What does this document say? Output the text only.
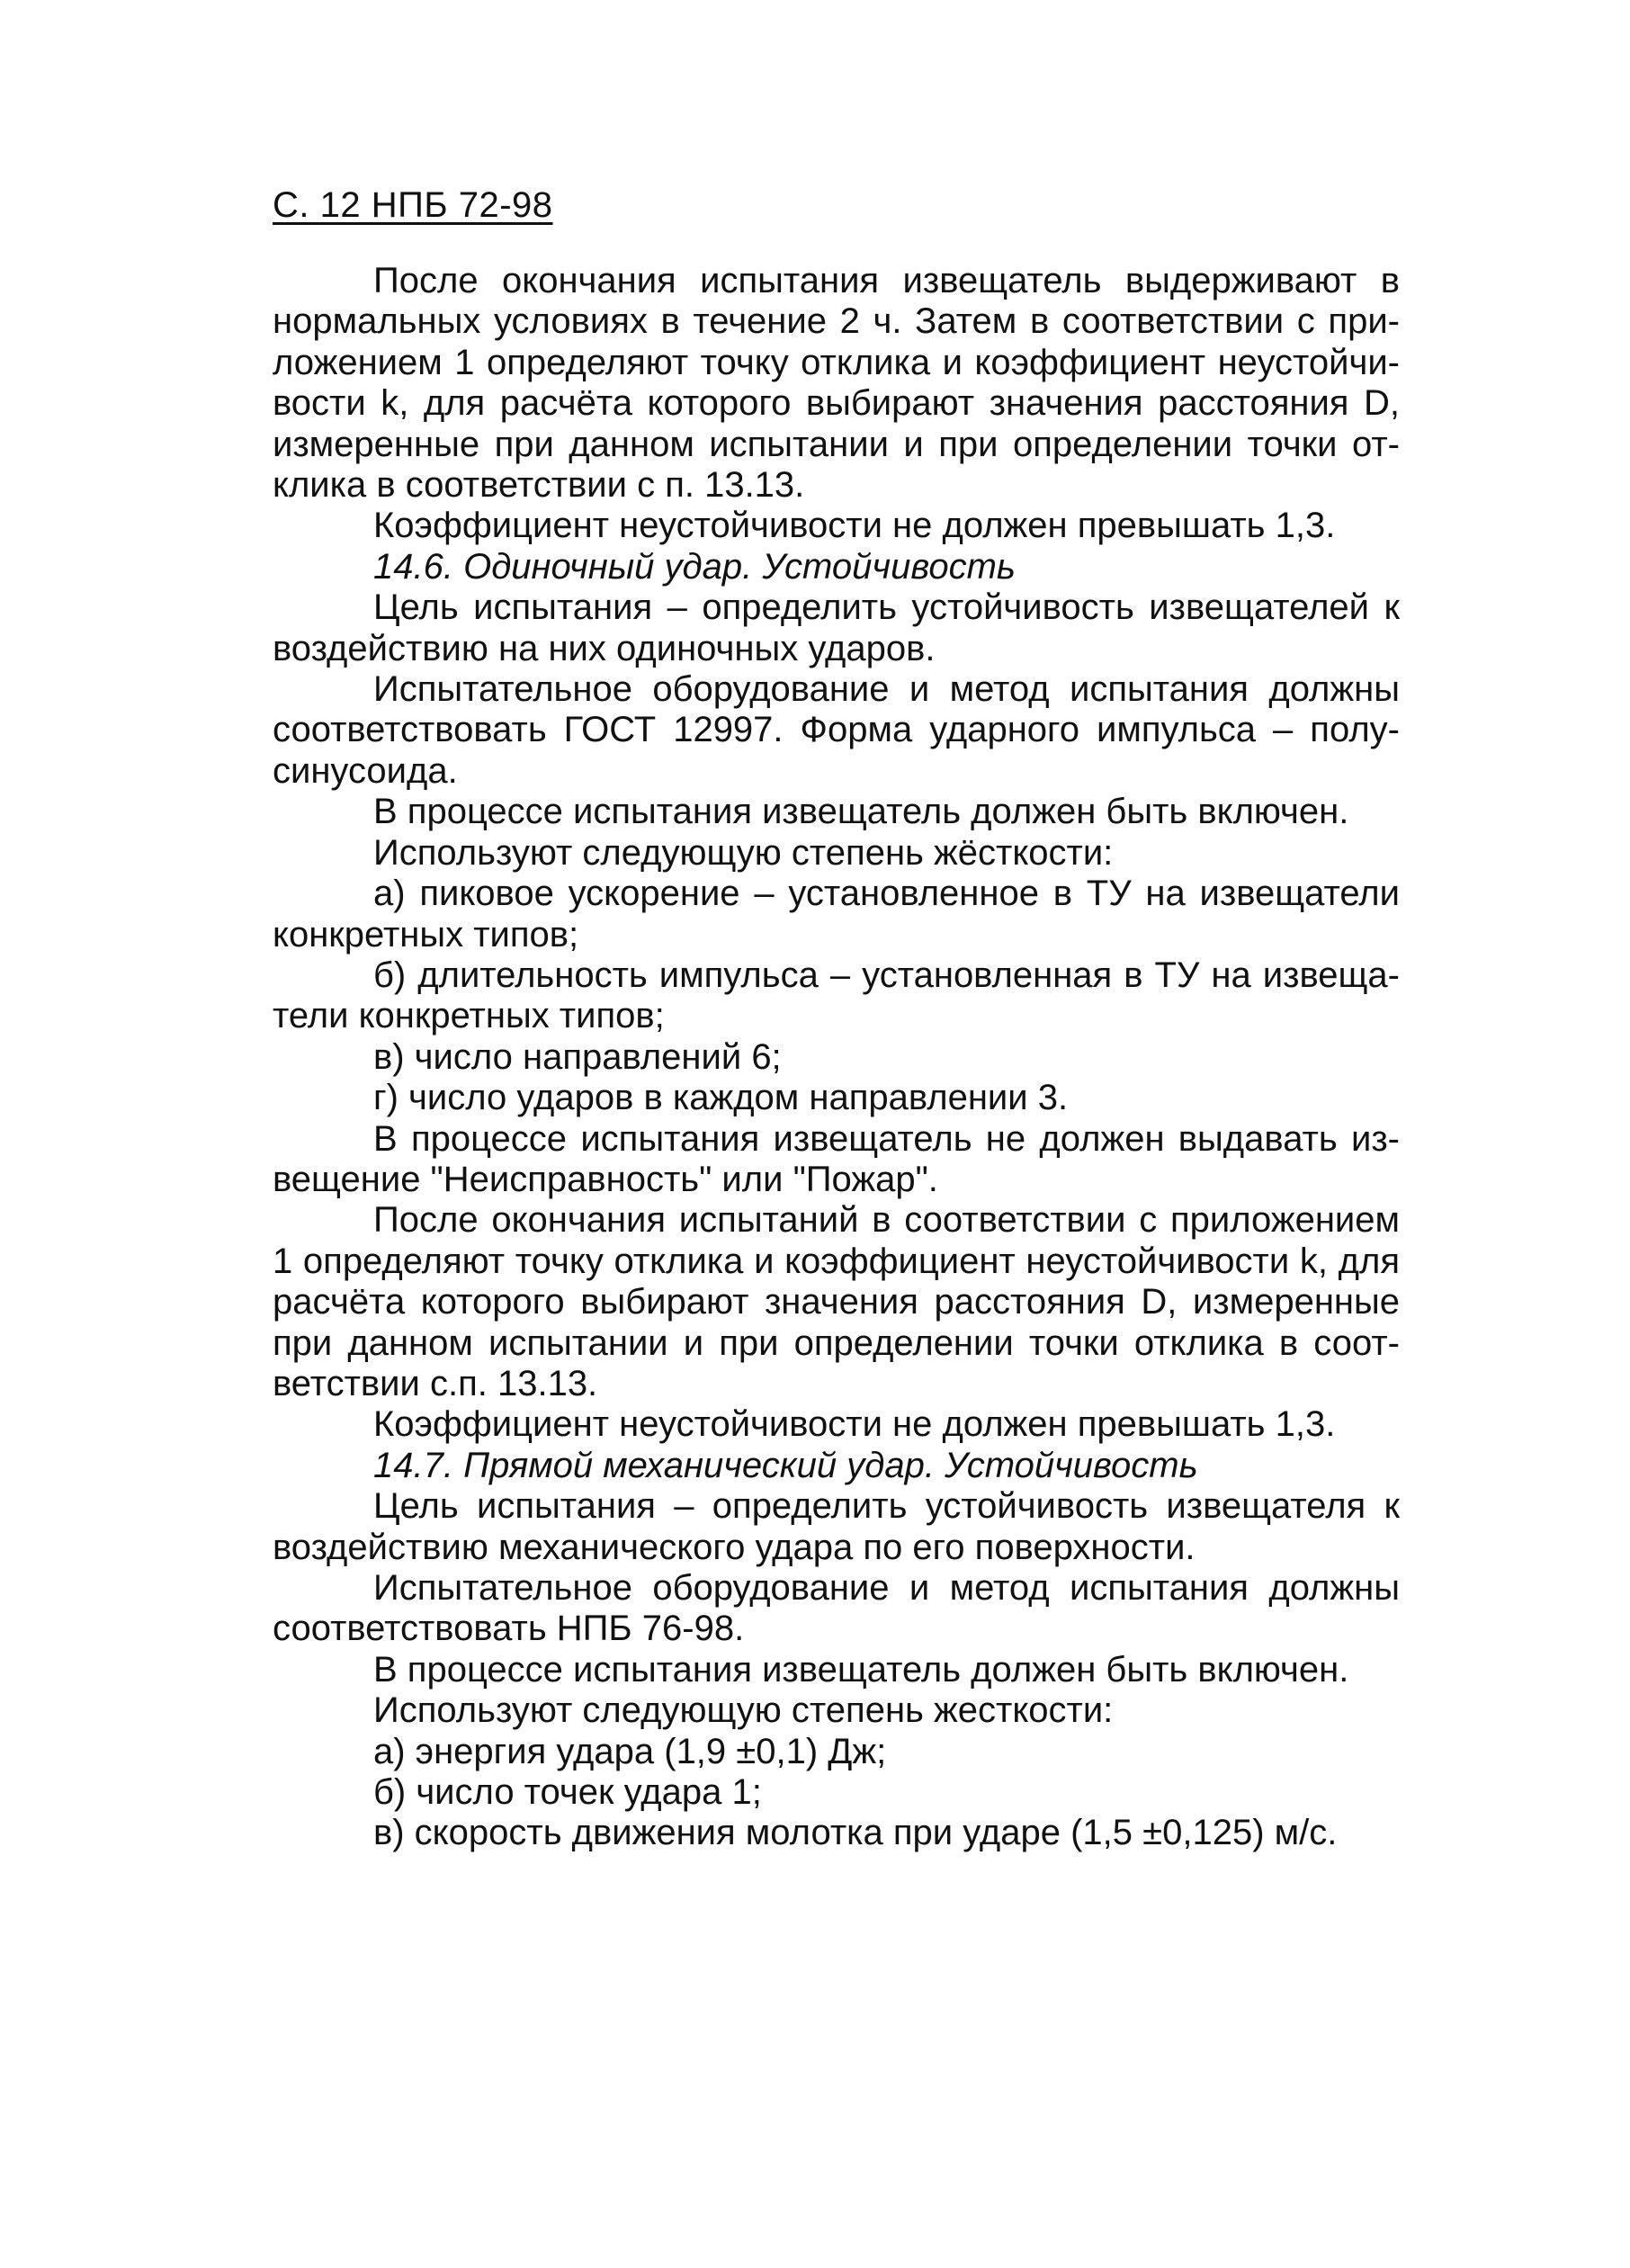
С. 12 НПБ 72-98

После окончания испытания извещатель выдерживают в нормальных условиях в течение 2 ч. Затем в соответствии с приложением 1 определяют точку отклика и коэффициент неустойчивости k, для расчёта которого выбирают значения расстояния D, измеренные при данном испытании и при определении точки отклика в соответствии с п. 13.13.

Коэффициент неустойчивости не должен превышать 1,3.

14.6. Одиночный удар. Устойчивость

Цель испытания – определить устойчивость извещателей к воздействию на них одиночных ударов.

Испытательное оборудование и метод испытания должны соответствовать ГОСТ 12997. Форма ударного импульса – полусинусоида.

В процессе испытания извещатель должен быть включен.

Используют следующую степень жёсткости:

а) пиковое ускорение – установленное в ТУ на извещатели конкретных типов;

б) длительность импульса – установленная в ТУ на извещатели конкретных типов;

в) число направлений 6;

г) число ударов в каждом направлении 3.

В процессе испытания извещатель не должен выдавать извещение "Неисправность" или "Пожар".

После окончания испытаний в соответствии с приложением 1 определяют точку отклика и коэффициент неустойчивости k, для расчёта которого выбирают значения расстояния D, измеренные при данном испытании и при определении точки отклика в соответствии с.п. 13.13.

Коэффициент неустойчивости не должен превышать 1,3.

14.7. Прямой механический удар. Устойчивость

Цель испытания – определить устойчивость извещателя к воздействию механического удара по его поверхности.

Испытательное оборудование и метод испытания должны соответствовать НПБ 76-98.

В процессе испытания извещатель должен быть включен.

Используют следующую степень жесткости:

а) энергия удара (1,9 ±0,1) Дж;

б) число точек удара 1;

в) скорость движения молотка при ударе (1,5 ±0,125) м/с.
